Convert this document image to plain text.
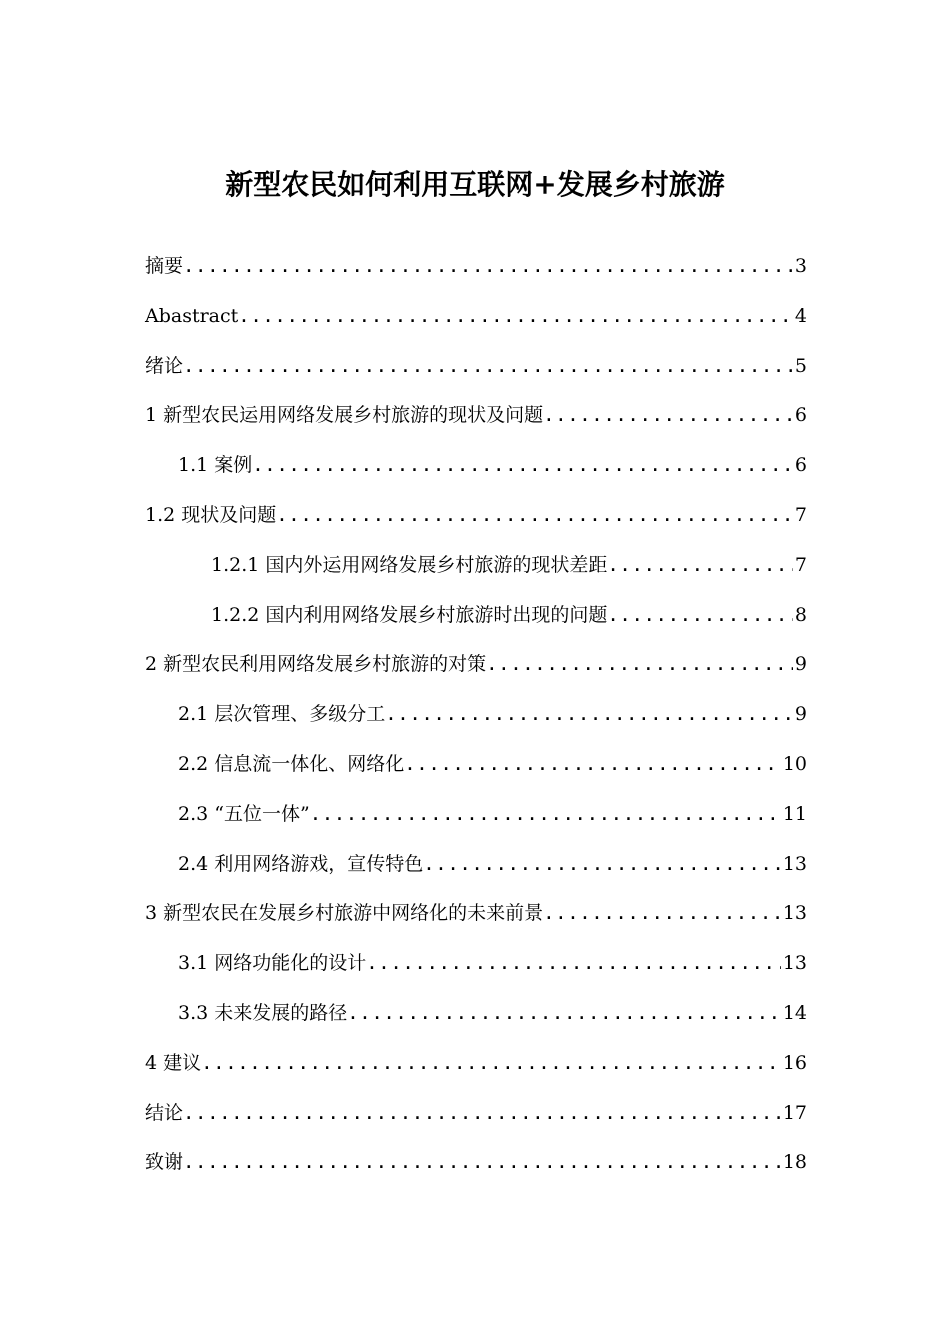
新型农民如何利用互联网+发展乡村旅游
摘要 .....	3
Abastract .....	4
绪论 .....	5
1 新型农民运用网络发展乡村旅游的现状及问题 .....	6
1.1 案例 .....	6
1.2 现状及问题 .....	7
1.2.1 国内外运用网络发展乡村旅游的现状差距 .....	7
1.2.2 国内利用网络发展乡村旅游时出现的问题 .....	8
2 新型农民利用网络发展乡村旅游的对策 .....	9
2.1 层次管理、多级分工 .....	9
2.2 信息流一体化、网络化 .....	10
2.3 “五位一体” .....	11
2.4 利用网络游戏，宣传特色 .....	13
3 新型农民在发展乡村旅游中网络化的未来前景 .....	13
3.1 网络功能化的设计 .....	13
3.3 未来发展的路径 .....	14
4 建议 .....	16
结论 .....	17
致谢 .....	18
